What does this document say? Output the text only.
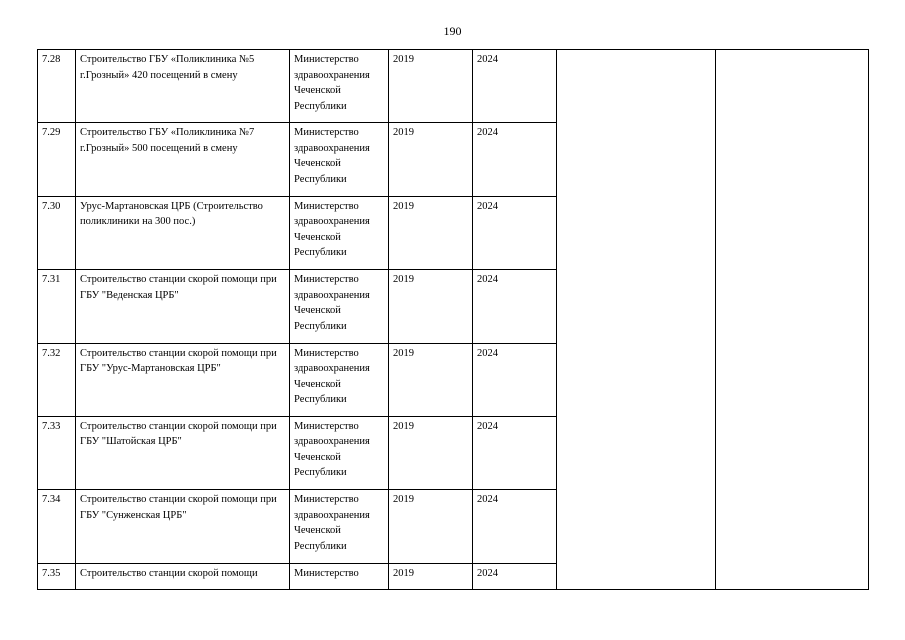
190
7.28	Строительство ГБУ «Поликлиника №5 г.Грозный» 420 посещений в смену	Министерство здравоохранения Чеченской Республики	2019	2024		
7.29	Строительство ГБУ «Поликлиника №7 г.Грозный» 500 посещений в смену	Министерство здравоохранения Чеченской Республики	2019	2024		
7.30	Урус-Мартановская ЦРБ (Строительство поликлиники на 300 пос.)	Министерство здравоохранения Чеченской Республики	2019	2024		
7.31	Строительство станции скорой помощи при ГБУ "Веденская ЦРБ"	Министерство здравоохранения Чеченской Республики	2019	2024		
7.32	Строительство станции скорой помощи при ГБУ "Урус-Мартановская ЦРБ"	Министерство здравоохранения Чеченской Республики	2019	2024		
7.33	Строительство станции скорой помощи при ГБУ "Шатойская ЦРБ"	Министерство здравоохранения Чеченской Республики	2019	2024		
7.34	Строительство станции скорой помощи при ГБУ "Сунженская ЦРБ"	Министерство здравоохранения Чеченской Республики	2019	2024		
7.35	Строительство станции скорой помощи	Министерство	2019	2024		
